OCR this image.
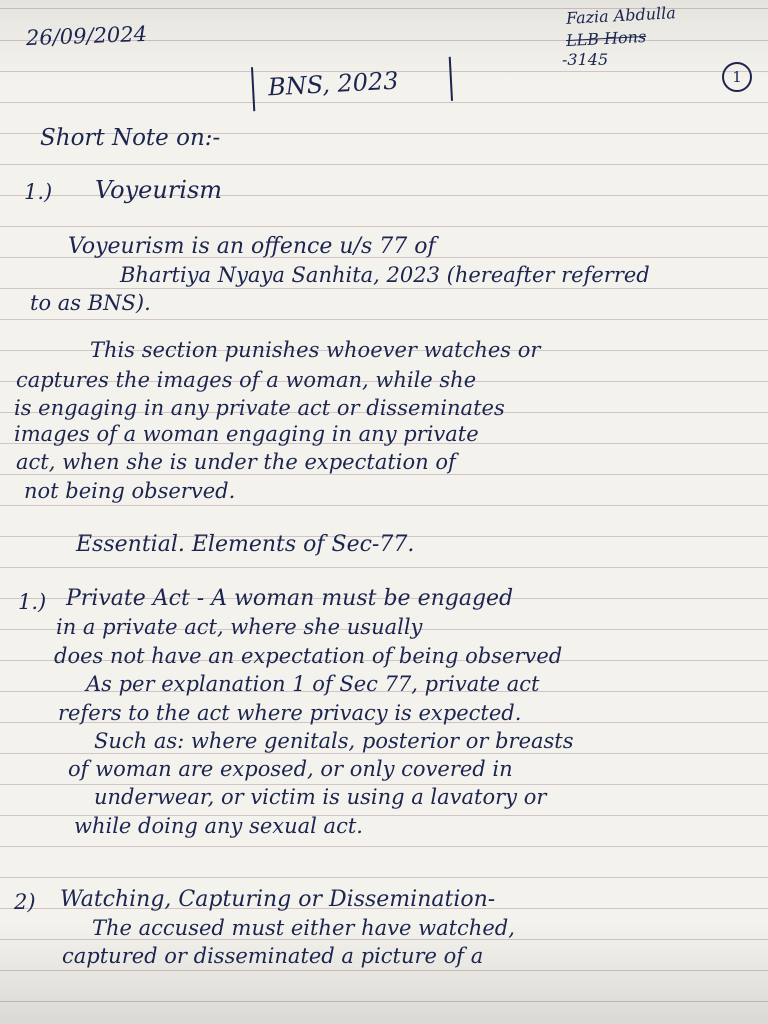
26/09/2024

Fazia Abdulla

LLB Hons

-3145

1

BNS, 2023

Short Note on:-

1.) Voyeurism

Voyeurism is an offence u/s 77 of

Bhartiya Nyaya Sanhita, 2023 (hereafter referred

to as BNS).

This section punishes whoever watches or

captures the images of a woman, while she

is engaging in any private act or disseminates

images of a woman engaging in any private

act, when she is under the expectation of

not being observed.

Essential. Elements of Sec-77.

1.) Private Act - A woman must be engaged

in a private act, where she usually

does not have an expectation of being observed

As per explanation 1 of Sec 77, private act

refers to the act where privacy is expected.

Such as: where genitals, posterior or breasts

of woman are exposed, or only covered in

underwear, or victim is using a lavatory or

while doing any sexual act.

2) Watching, Capturing or Dissemination-

The accused must either have watched,

captured or disseminated a picture of a
